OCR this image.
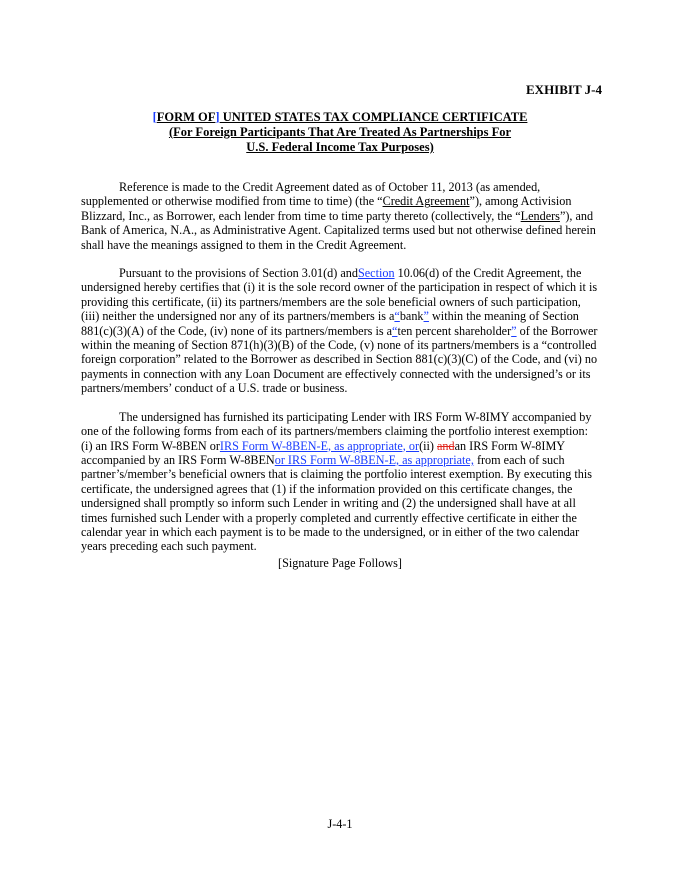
EXHIBIT J-4
[FORM OF] UNITED STATES TAX COMPLIANCE CERTIFICATE
(For Foreign Participants That Are Treated As Partnerships For
U.S. Federal Income Tax Purposes)

Reference is made to the Credit Agreement dated as of October 11, 2013 (as amended, supplemented or otherwise modified from time to time) (the “Credit Agreement”), among Activision Blizzard, Inc., as Borrower, each lender from time to time party thereto (collectively, the “Lenders”), and Bank of America, N.A., as Administrative Agent. Capitalized terms used but not otherwise defined herein shall have the meanings assigned to them in the Credit Agreement.

Pursuant to the provisions of Section 3.01(d) andSection 10.06(d) of the Credit Agreement, the undersigned hereby certifies that (i) it is the sole record owner of the participation in respect of which it is providing this certificate, (ii) its partners/members are the sole beneficial owners of such participation, (iii) neither the undersigned nor any of its partners/members is a“bank” within the meaning of Section 881(c)(3)(A) of the Code, (iv) none of its partners/members is a“ten percent shareholder” of the Borrower within the meaning of Section 871(h)(3)(B) of the Code, (v) none of its partners/members is a “controlled foreign corporation” related to the Borrower as described in Section 881(c)(3)(C) of the Code, and (vi) no payments in connection with any Loan Document are effectively connected with the undersigned’s or its partners/members’ conduct of a U.S. trade or business.

The undersigned has furnished its participating Lender with IRS Form W-8IMY accompanied by one of the following forms from each of its partners/members claiming the portfolio interest exemption: (i) an IRS Form W-8BEN orIRS Form W-8BEN-E, as appropriate, or(ii) andan IRS Form W-8IMY accompanied by an IRS Form W-8BENor IRS Form W-8BEN-E, as appropriate, from each of such partner’s/member’s beneficial owners that is claiming the portfolio interest exemption. By executing this certificate, the undersigned agrees that (1) if the information provided on this certificate changes, the undersigned shall promptly so inform such Lender in writing and (2) the undersigned shall have at all times furnished such Lender with a properly completed and currently effective certificate in either the calendar year in which each payment is to be made to the undersigned, or in either of the two calendar years preceding each such payment.

[Signature Page Follows]
J-4-1
